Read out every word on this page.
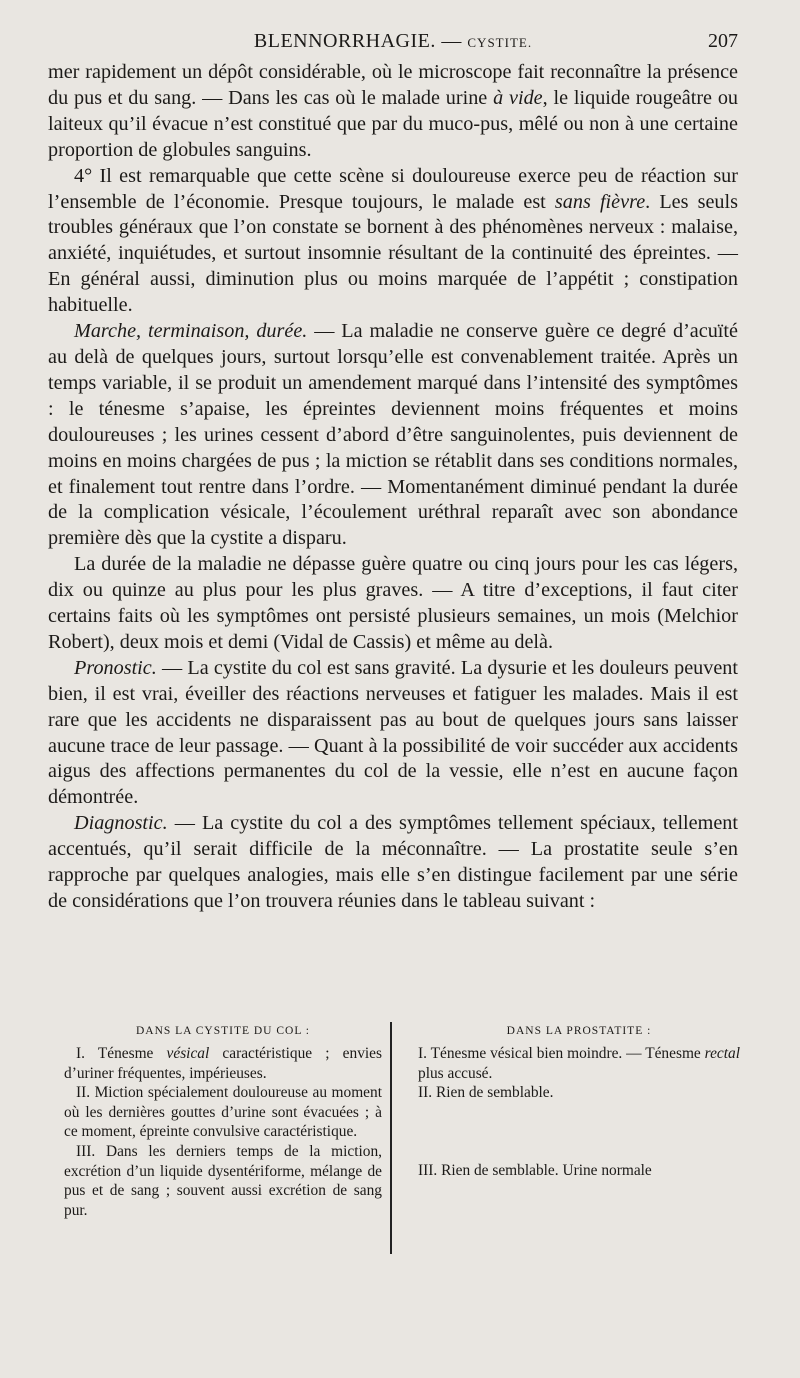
BLENNORRHAGIE. — CYSTITE.	207

mer rapidement un dépôt considérable, où le microscope fait reconnaître la présence du pus et du sang. — Dans les cas où le malade urine à vide, le liquide rougeâtre ou laiteux qu’il évacue n’est constitué que par du muco-pus, mêlé ou non à une certaine proportion de globules sanguins.

4° Il est remarquable que cette scène si douloureuse exerce peu de réaction sur l’ensemble de l’économie. Presque toujours, le malade est sans fièvre. Les seuls troubles généraux que l’on constate se bornent à des phénomènes nerveux : malaise, anxiété, inquiétudes, et surtout insomnie résultant de la continuité des épreintes. — En général aussi, diminution plus ou moins marquée de l’appétit ; constipation habituelle.

Marche, terminaison, durée. — La maladie ne conserve guère ce degré d’acuïté au delà de quelques jours, surtout lorsqu’elle est convenablement traitée. Après un temps variable, il se produit un amendement marqué dans l’intensité des symptômes : le ténesme s’apaise, les épreintes deviennent moins fréquentes et moins douloureuses ; les urines cessent d’abord d’être sanguinolentes, puis deviennent de moins en moins chargées de pus ; la miction se rétablit dans ses conditions normales, et finalement tout rentre dans l’ordre. — Momentanément diminué pendant la durée de la complication vésicale, l’écoulement uréthral reparaît avec son abondance première dès que la cystite a disparu.

La durée de la maladie ne dépasse guère quatre ou cinq jours pour les cas légers, dix ou quinze au plus pour les plus graves. — A titre d’exceptions, il faut citer certains faits où les symptômes ont persisté plusieurs semaines, un mois (Melchior Robert), deux mois et demi (Vidal de Cassis) et même au delà.

Pronostic. — La cystite du col est sans gravité. La dysurie et les douleurs peuvent bien, il est vrai, éveiller des réactions nerveuses et fatiguer les malades. Mais il est rare que les accidents ne disparaissent pas au bout de quelques jours sans laisser aucune trace de leur passage. — Quant à la possibilité de voir succéder aux accidents aigus des affections permanentes du col de la vessie, elle n’est en aucune façon démontrée.

Diagnostic. — La cystite du col a des symptômes tellement spéciaux, tellement accentués, qu’il serait difficile de la méconnaître. — La prostatite seule s’en rapproche par quelques analogies, mais elle s’en distingue facilement par une série de considérations que l’on trouvera réunies dans le tableau suivant :

DANS LA CYSTITE DU COL :

I. Ténesme vésical caractéristique ; envies d’uriner fréquentes, impérieuses.

II. Miction spécialement douloureuse au moment où les dernières gouttes d’urine sont évacuées ; à ce moment, épreinte convulsive caractéristique.

III. Dans les derniers temps de la miction, excrétion d’un liquide dysentériforme, mélange de pus et de sang ; souvent aussi excrétion de sang pur.

DANS LA PROSTATITE :

I. Ténesme vésical bien moindre. — Ténesme rectal plus accusé.

II. Rien de semblable.

III. Rien de semblable. Urine normale
